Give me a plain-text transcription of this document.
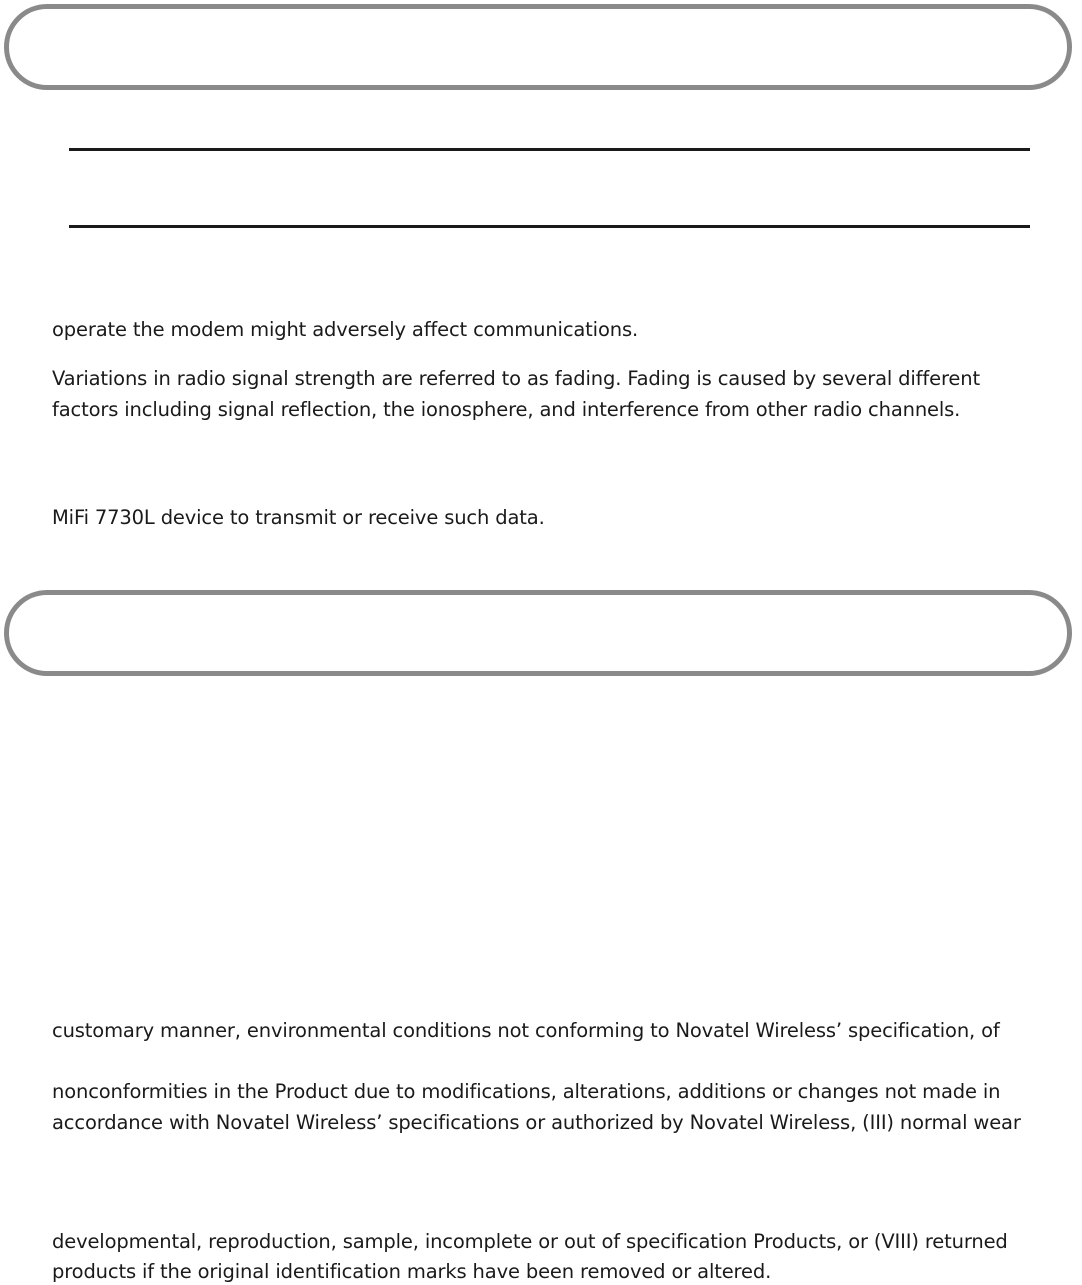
operate the modem might adversely affect communications.
Variations in radio signal strength are referred to as fading. Fading is caused by several different
factors including signal reflection, the ionosphere, and interference from other radio channels.
MiFi 7730L device to transmit or receive such data.
customary manner, environmental conditions not conforming to Novatel Wireless’ specification, of
nonconformities in the Product due to modifications, alterations, additions or changes not made in
accordance with Novatel Wireless’ specifications or authorized by Novatel Wireless, (III) normal wear
developmental, reproduction, sample, incomplete or out of specification Products, or (VIII) returned
products if the original identification marks have been removed or altered.
